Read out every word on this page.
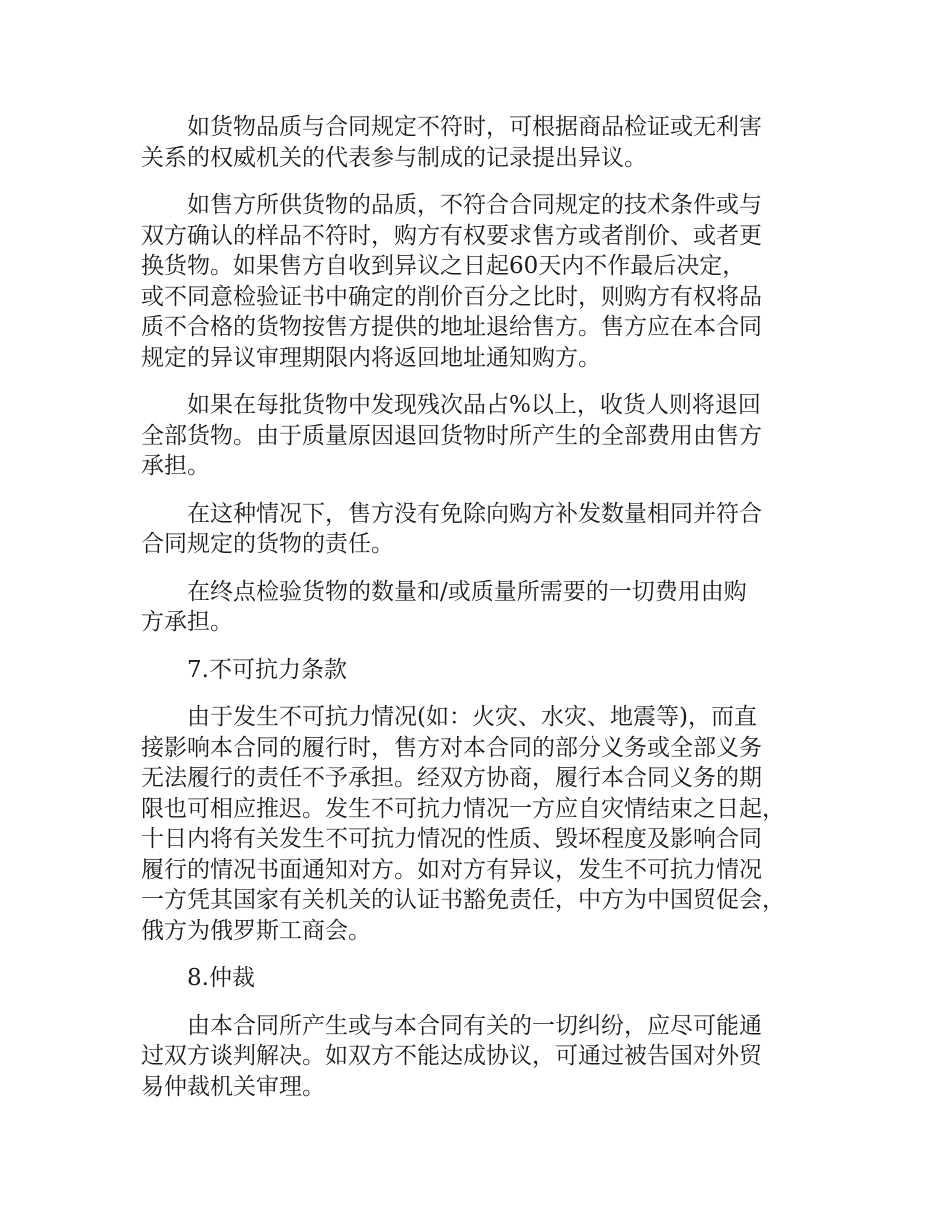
如货物品质与合同规定不符时，可根据商品检证或无利害
关系的权威机关的代表参与制成的记录提出异议。
如售方所供货物的品质，不符合合同规定的技术条件或与
双方确认的样品不符时，购方有权要求售方或者削价、或者更
换货物。如果售方自收到异议之日起60天内不作最后决定，
或不同意检验证书中确定的削价百分之比时，则购方有权将品
质不合格的货物按售方提供的地址退给售方。售方应在本合同
规定的异议审理期限内将返回地址通知购方。
如果在每批货物中发现残次品占%以上，收货人则将退回
全部货物。由于质量原因退回货物时所产生的全部费用由售方
承担。
在这种情况下，售方没有免除向购方补发数量相同并符合
合同规定的货物的责任。
在终点检验货物的数量和/或质量所需要的一切费用由购
方承担。
7.不可抗力条款
由于发生不可抗力情况(如：火灾、水灾、地震等)，而直
接影响本合同的履行时，售方对本合同的部分义务或全部义务
无法履行的责任不予承担。经双方协商，履行本合同义务的期
限也可相应推迟。发生不可抗力情况一方应自灾情结束之日起，
十日内将有关发生不可抗力情况的性质、毁坏程度及影响合同
履行的情况书面通知对方。如对方有异议，发生不可抗力情况
一方凭其国家有关机关的认证书豁免责任，中方为中国贸促会，
俄方为俄罗斯工商会。
8.仲裁
由本合同所产生或与本合同有关的一切纠纷，应尽可能通
过双方谈判解决。如双方不能达成协议，可通过被告国对外贸
易仲裁机关审理。
